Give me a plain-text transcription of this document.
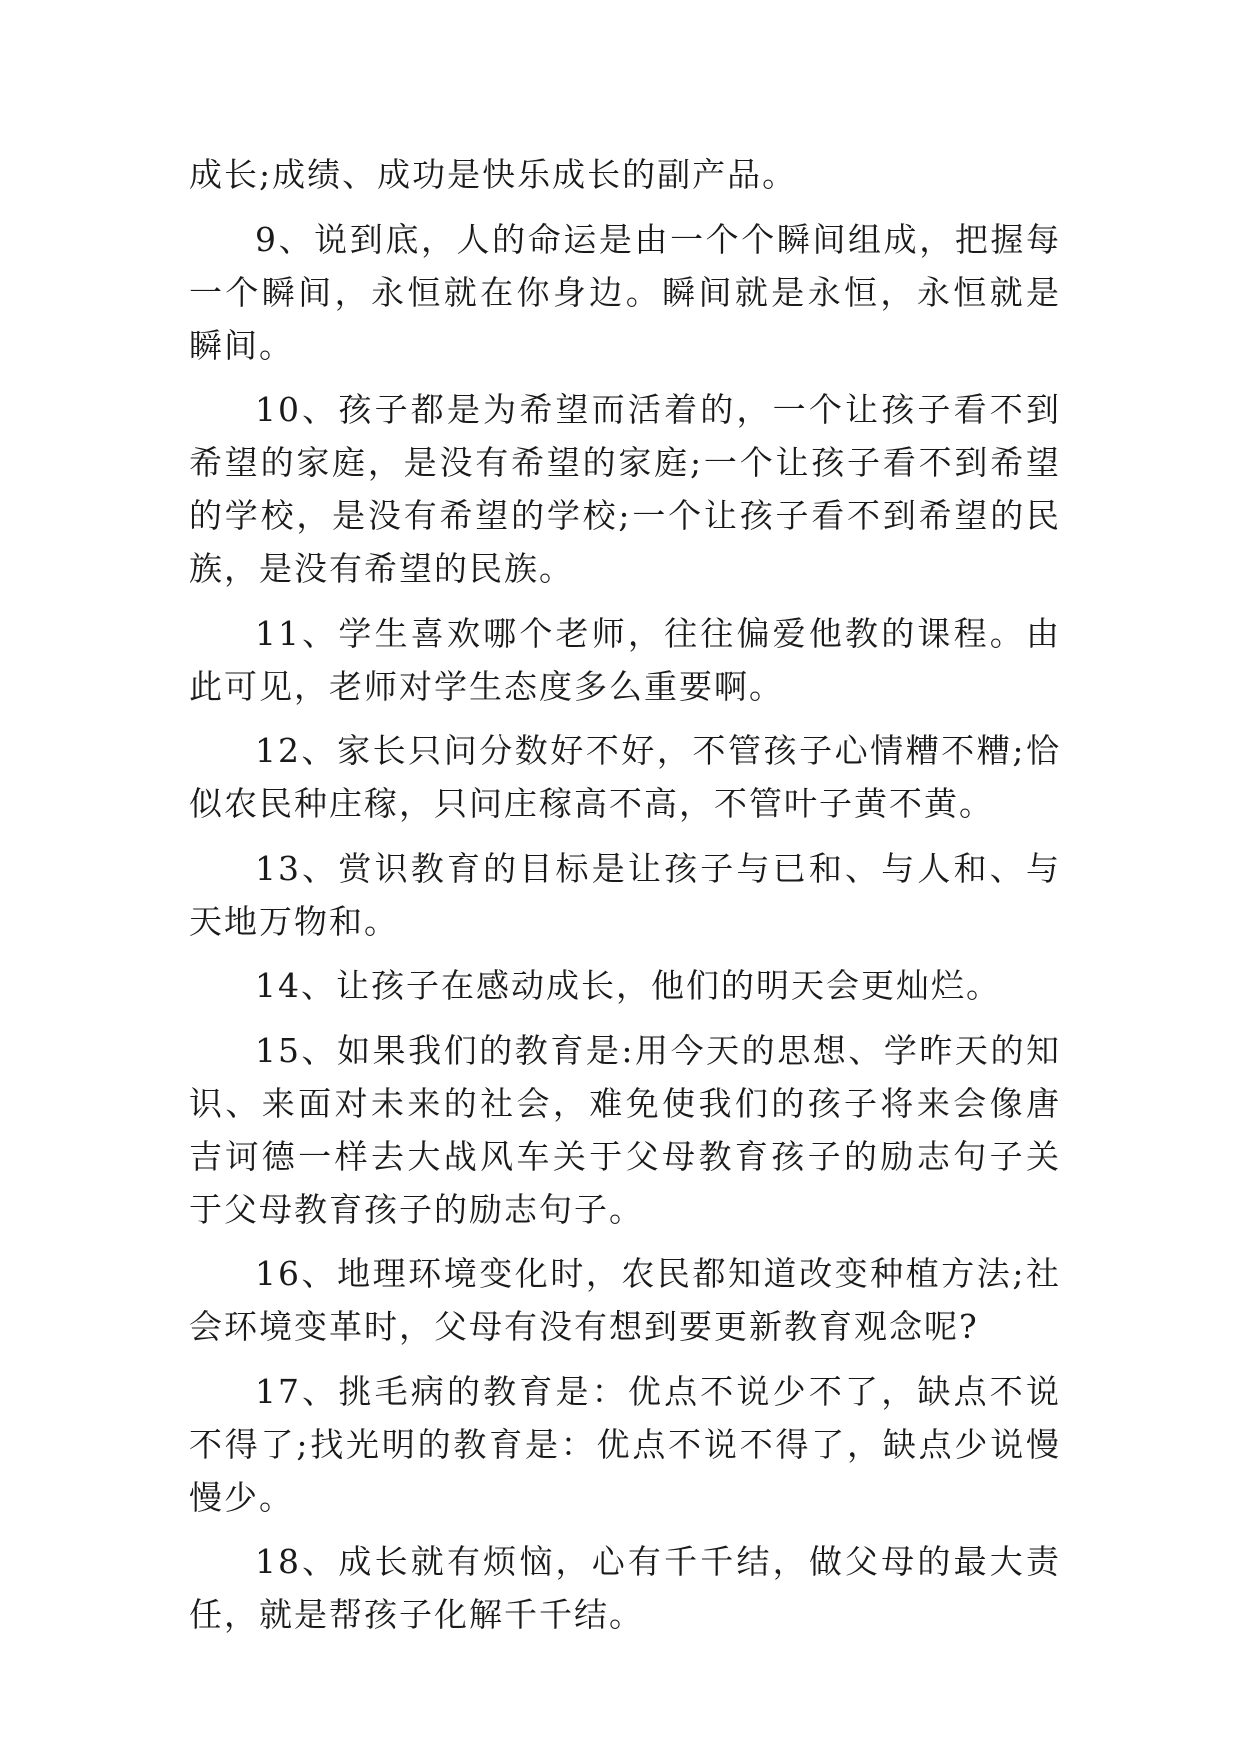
成长;成绩、成功是快乐成长的副产品。

9、说到底，人的命运是由一个个瞬间组成，把握每一个瞬间，永恒就在你身边。瞬间就是永恒，永恒就是瞬间。

10、孩子都是为希望而活着的，一个让孩子看不到希望的家庭，是没有希望的家庭;一个让孩子看不到希望的学校，是没有希望的学校;一个让孩子看不到希望的民族，是没有希望的民族。

11、学生喜欢哪个老师，往往偏爱他教的课程。由此可见，老师对学生态度多么重要啊。

12、家长只问分数好不好，不管孩子心情糟不糟;恰似农民种庄稼，只问庄稼高不高，不管叶子黄不黄。

13、赏识教育的目标是让孩子与已和、与人和、与天地万物和。

14、让孩子在感动成长，他们的明天会更灿烂。

15、如果我们的教育是:用今天的思想、学昨天的知识、来面对未来的社会，难免使我们的孩子将来会像唐吉诃德一样去大战风车关于父母教育孩子的励志句子关于父母教育孩子的励志句子。

16、地理环境变化时，农民都知道改变种植方法;社会环境变革时，父母有没有想到要更新教育观念呢?

17、挑毛病的教育是：优点不说少不了，缺点不说不得了;找光明的教育是：优点不说不得了，缺点少说慢慢少。

18、成长就有烦恼，心有千千结，做父母的最大责任，就是帮孩子化解千千结。
